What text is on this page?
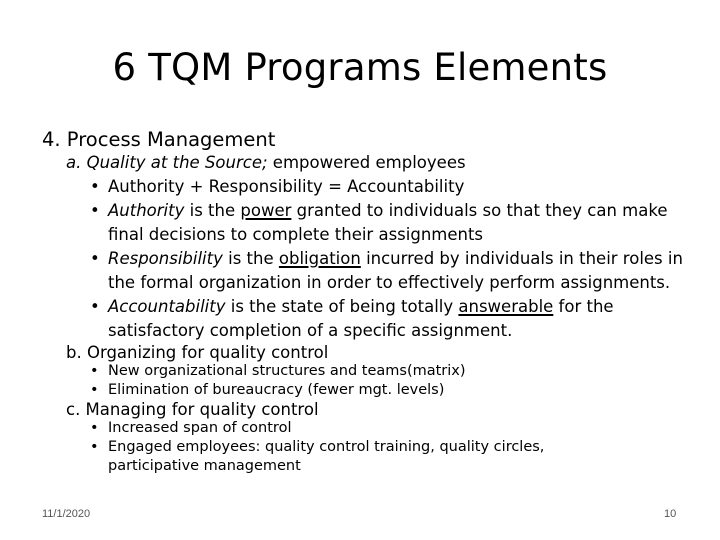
6 TQM Programs Elements
4. Process Management
a. Quality at the Source; empowered employees
• Authority + Responsibility = Accountability
• Authority is the power granted to individuals so that they can make
final decisions to complete their assignments
• Responsibility is the obligation incurred by individuals in their roles in
the formal organization in order to effectively perform assignments.
• Accountability is the state of being totally answerable for the
satisfactory completion of a specific assignment.
b. Organizing for quality control
• New organizational structures and teams(matrix)
• Elimination of bureaucracy (fewer mgt. levels)
c. Managing for quality control
• Increased span of control
• Engaged employees: quality control training, quality circles,
participative management
11/1/2020	10
